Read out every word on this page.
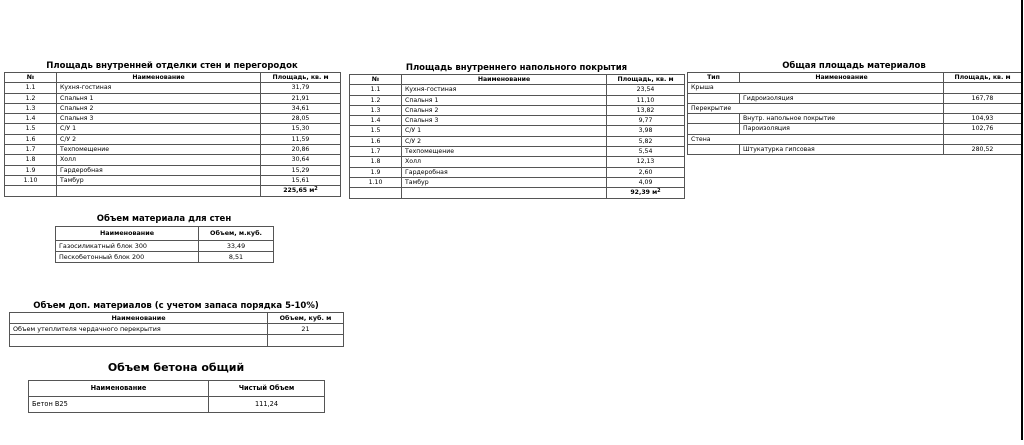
Площадь внутренней отделки стен и перегородок
№	Наименование	Площадь, кв. м
1.1	Кухня-гостиная	31,79
1.2	Спальня 1	21,91
1.3	Спальня 2	34,61
1.4	Спальня 3	28,05
1.5	С/У 1	15,30
1.6	С/У 2	11,59
1.7	Техпомещение	20,86
1.8	Холл	30,64
1.9	Гардеробная	15,29
1.10	Тамбур	15,61
		225,65 $м^2$
Площадь внутреннего напольного покрытия
№	Наименование	Площадь, кв. м
1.1	Кухня-гостиная	23,54
1.2	Спальня 1	11,10
1.3	Спальня 2	13,82
1.4	Спальня 3	9,77
1.5	С/У 1	3,98
1.6	С/У 2	5,82
1.7	Техпомещение	5,54
1.8	Холл	12,13
1.9	Гардеробная	2,60
1.10	Тамбур	4,09
		92,39 $м^2$
Общая площадь материалов
Тип	Наименование	Площадь, кв. м
Крыша		
	Гидроизоляция	167,78
Перекрытие		
	Внутр. напольное покрытие	104,93
	Пароизоляция	102,76
Стена		
	Штукатурка гипсовая	280,52
Объем материала для стен
Наименование	Объем, м.куб.
Газосиликатный блок 300	33,49
Пескобетонный блок 200	8,51
Объем доп. материалов (с учетом запаса порядка 5-10%)
Наименование	Объем, куб. м
Объем утеплителя чердачного перекрытия	21

Объем бетона общий
Наименование	Чистый Объем
Бетон B25	111,24
